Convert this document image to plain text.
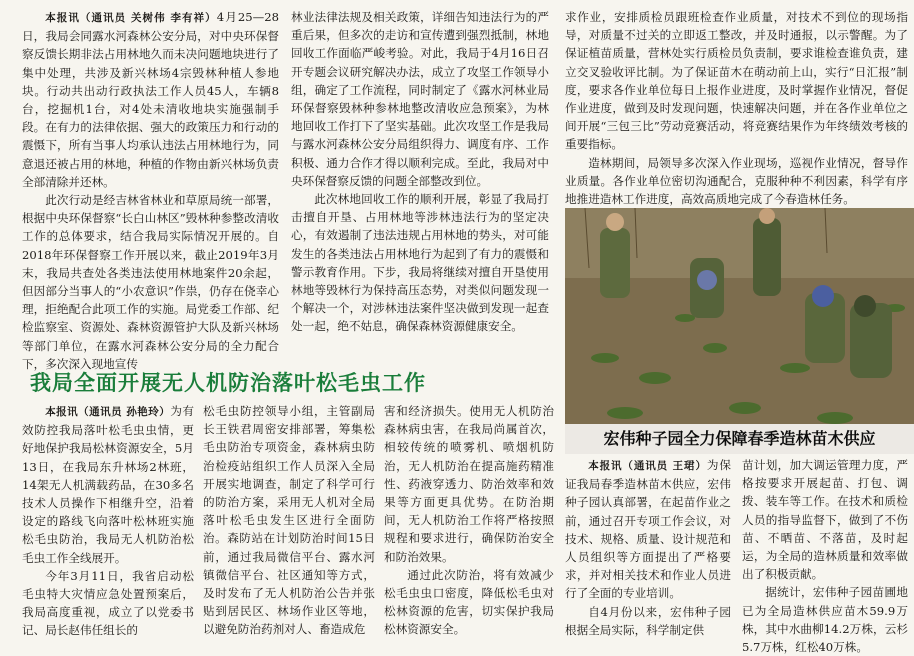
本报讯（通讯员 关树伟 李有祥）4月25—28日，我局会同露水河森林公安分局，对中央环保督察反馈长期非法占用林地久而未决问题地块进行了集中处理，共涉及新兴林场4宗毁林种植人参地块。行动共出动行政执法工作人员45人，车辆8台，挖掘机1台，对4处未清收地块实施强制手段。在有力的法律依据、强大的政策压力和行动的震慑下，所有当事人均承认违法占用林地行为，同意退还被占用的林地，种植的作物由新兴林场负责全部清除并还林。

此次行动是经吉林省林业和草原局统一部署，根据中央环保督察“长白山林区”毁林种参整改清收工作的总体要求，结合我局实际情况开展的。自2018年环保督察工作开展以来，截止2019年3月末，我局共查处各类违法使用林地案件20余起，但因部分当事人的“小农意识”作祟，仍存在侥幸心理，拒绝配合此项工作的实施。局党委工作部、纪检监察室、资源处、森林资源管护大队及新兴林场等部门单位，在露水河森林公安分局的全力配合下，多次深入现地宣传

林业法律法规及相关政策，详细告知违法行为的严重后果，但多次的走访和宣传遭到强烈抵制，林地回收工作面临严峻考验。对此，我局于4月16日召开专题会议研究解决办法，成立了攻坚工作领导小组，确定了工作流程，同时制定了《露水河林业局环保督察毁林种参林地整改清收应急预案》，为林地回收工作打下了坚实基础。此次攻坚工作是我局与露水河森林公安分局组织得力、调度有序、工作积极、通力合作才得以顺利完成。至此，我局对中央环保督察反馈的问题全部整改到位。

此次林地回收工作的顺利开展，彰显了我局打击擅自开垦、占用林地等涉林违法行为的坚定决心，有效遏制了违法违规占用林地的势头，对可能发生的各类违法占用林地行为起到了有力的震慑和警示教育作用。下步，我局将继续对擅自开垦使用林地等毁林行为保持高压态势，对类似问题发现一个解决一个，对涉林违法案件坚决做到发现一起查处一起，绝不姑息，确保森林资源健康安全。

求作业，安排质检员跟班检查作业质量，对技术不到位的现场指导，对质量不过关的立即返工整改，并及时通报，以示警醒。为了保证植苗质量，营林处实行质检员负责制，要求谁检查谁负责，建立交叉验收评比制。为了保证苗木在萌动前上山，实行“日汇报”制度，要求各作业单位每日上报作业进度，及时掌握作业情况，督促作业进度，做到及时发现问题，快速解决问题，并在各作业单位之间开展“三包三比”劳动竞赛活动，将竞赛结果作为年终绩效考核的重要指标。

造林期间，局领导多次深入作业现场，巡视作业情况，督导作业质量。各作业单位密切沟通配合，克服种种不利因素，科学有序地推进造林工作进度，高效高质地完成了今春造林任务。

我局全面开展无人机防治落叶松毛虫工作

本报讯（通讯员 孙艳玲）为有效防控我局落叶松毛虫虫情，更好地保护我局松林资源安全，5月13日，在我局东升林场2林班，14架无人机满载药品，在30多名技术人员操作下相继升空，沿着设定的路线飞向落叶松林班实施松毛虫防治，我局无人机防治松毛虫工作全线展开。

今年3月11日，我省启动松毛虫特大灾情应急处置预案后，我局高度重视，成立了以党委书记、局长赵伟任组长的

松毛虫防控领导小组，主管副局长王铁君周密安排部署，筹集松毛虫防治专项资金，森林病虫防治检疫站组织工作人员深入全局开展实地调查，制定了科学可行的防治方案，采用无人机对全局落叶松毛虫发生区进行全面防治。森防站在计划防治时间15日前，通过我局微信平台、露水河镇微信平台、社区通知等方式，及时发布了无人机防治公告并张贴到居民区、林场作业区等地，以避免防治药剂对人、畜造成危

害和经济损失。使用无人机防治森林病虫害，在我局尚属首次，相较传统的喷雾机、喷烟机防治，无人机防治在提高施药精准性、药液穿透力、防治效率和效果等方面更具优势。在防治期间，无人机防治工作将严格按照规程和要求进行，确保防治安全和防治效果。

通过此次防治，将有效减少松毛虫虫口密度，降低松毛虫对松林资源的危害，切实保护我局松林资源安全。

宏伟种子园全力保障春季造林苗木供应

本报讯（通讯员 王珺）为保证我局春季造林苗木供应，宏伟种子园认真部署，在起苗作业之前，通过召开专项工作会议，对技术、规格、质量、设计规范和人员组织等方面提出了严格要求，并对相关技术和作业人员进行了全面的专业培训。

自4月份以来，宏伟种子园根据全局实际，科学制定供

苗计划，加大调运管理力度，严格按要求开展起苗、打包、调拨、装车等工作。在技术和质检人员的指导监督下，做到了不伤苗、不晒苗、不落苗，及时起运，为全局的造林质量和效率做出了积极贡献。

据统计，宏伟种子园苗圃地已为全局造林供应苗木59.9万株，其中水曲柳14.2万株，云杉5.7万株，红松40万株。
